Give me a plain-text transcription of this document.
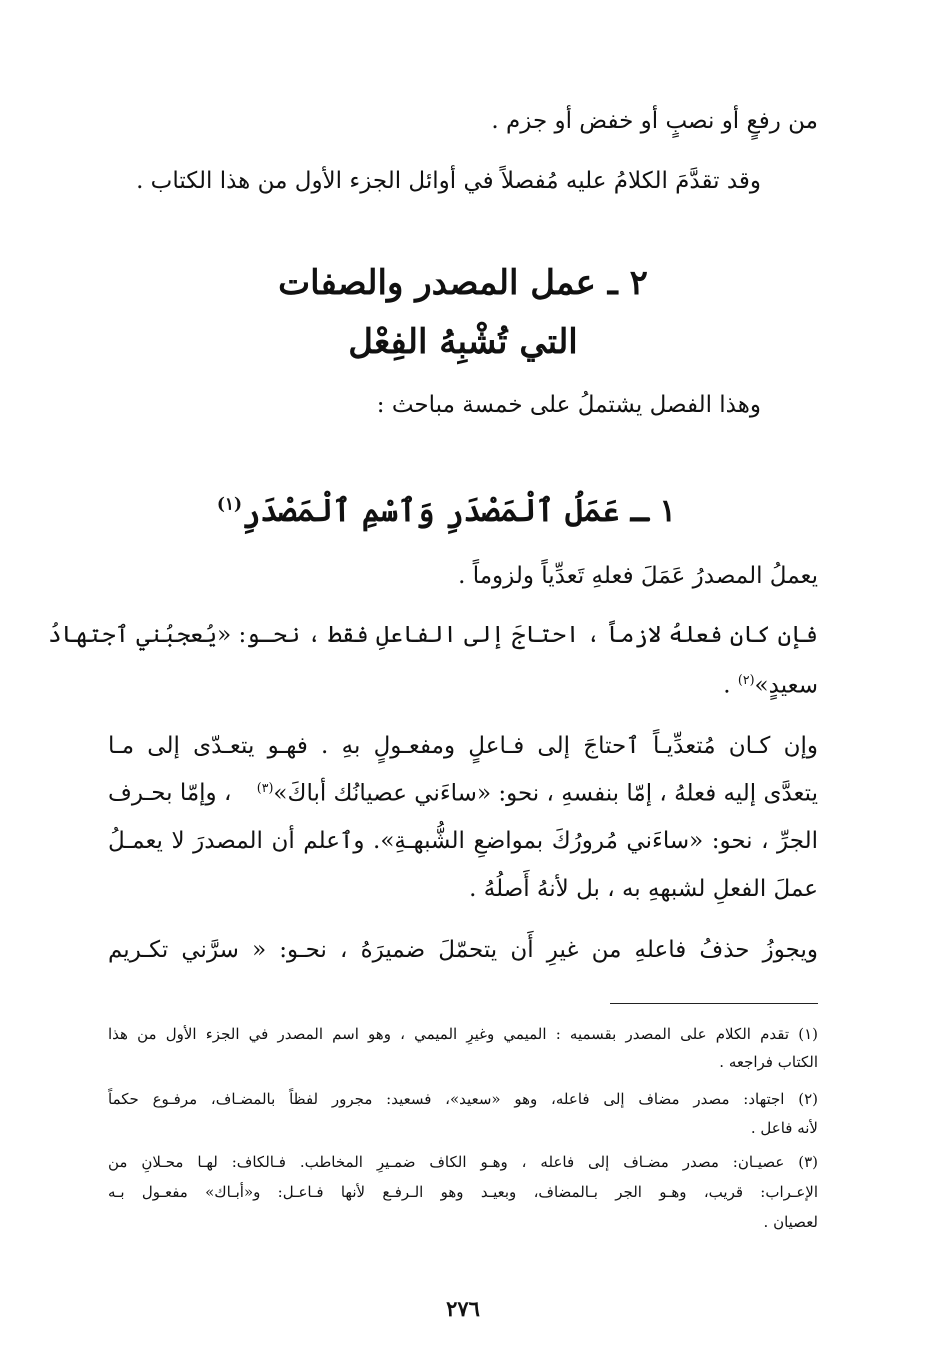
من رفعٍ أو نصبٍ أو خفض أو جزم .
وقد تقدَّمَ الكلامُ عليه مُفصلاً في أوائل الجزء الأول من هذا الكتاب .
٢ ـ عمل المصدر والصفات
التي تُشْبِهُ الفِعْل
وهذا الفصل يشتملُ على خمسة مباحث :
١ ـ عَمَلُ ٱلْمَصْدَرِ وَٱسْمِ ٱلْمَصْدَرِ$^{(١)}$
يعملُ المصدرُ عَمَلَ فعلهِ تَعدِّياً ولزوماً .
فإن كان فعلهُ لازماً ، احتاجَ إلى الفاعلِ فقط ، نحـو: «يُعجبُني ٱجتهادُ
سعيدٍ»$^{(٢)}$ .
وإن كـان مُتعدِّيـاً ٱحتاجَ إلى فـاعلٍ ومفعـولٍ بهِ . فهـو يتعـدّى إلى مـا
يتعدَّى إليه فعلهُ ، إمّا بنفسهِ ، نحو: «ساءَني عصيانُك أباكَ»$^{(٣)}$
، وإمّا بحـرف
الجرِّ ، نحو: «ساءَني مُرورُكَ بمواضعِ الشُّبهـةِ». وٱعلم أن المصدرَ لا يعمـلُ
عملَ الفعلِ لشبههِ به ، بل لأنهُ أَصلُهُ .
ويجوزُ حذفُ فاعلهِ من غيرِ أَن يتحمّلَ ضميرَهُ ، نحـو: « سرَّني تكـريم
(١) تقدم الكلام على المصدر بقسميه : الميمي وغيرِ الميمي ، وهو اسم المصدر في الجزء الأول من هذا
الكتاب فراجعه .
(٢) اجتهاد: مصدر مضاف إلى فاعله، وهو «سعيد»، فسعيد: مجرور لفظاً بالمضـاف، مرفـوع حكماً
لأنه فاعل .
(٣) عصيـان: مصدر مضـاف إلى فاعله ، وهـو الكاف ضمـيرِ المخاطب. فـالكاف: لهـا محـلانِ من
الإعـراب: قريب، وهـو الجر بـالمضاف، وبعيـد وهو الـرفـع لأنها فـاعـل: و«أبـاك» مفعـول بـه
لعصيان .
٢٧٦
